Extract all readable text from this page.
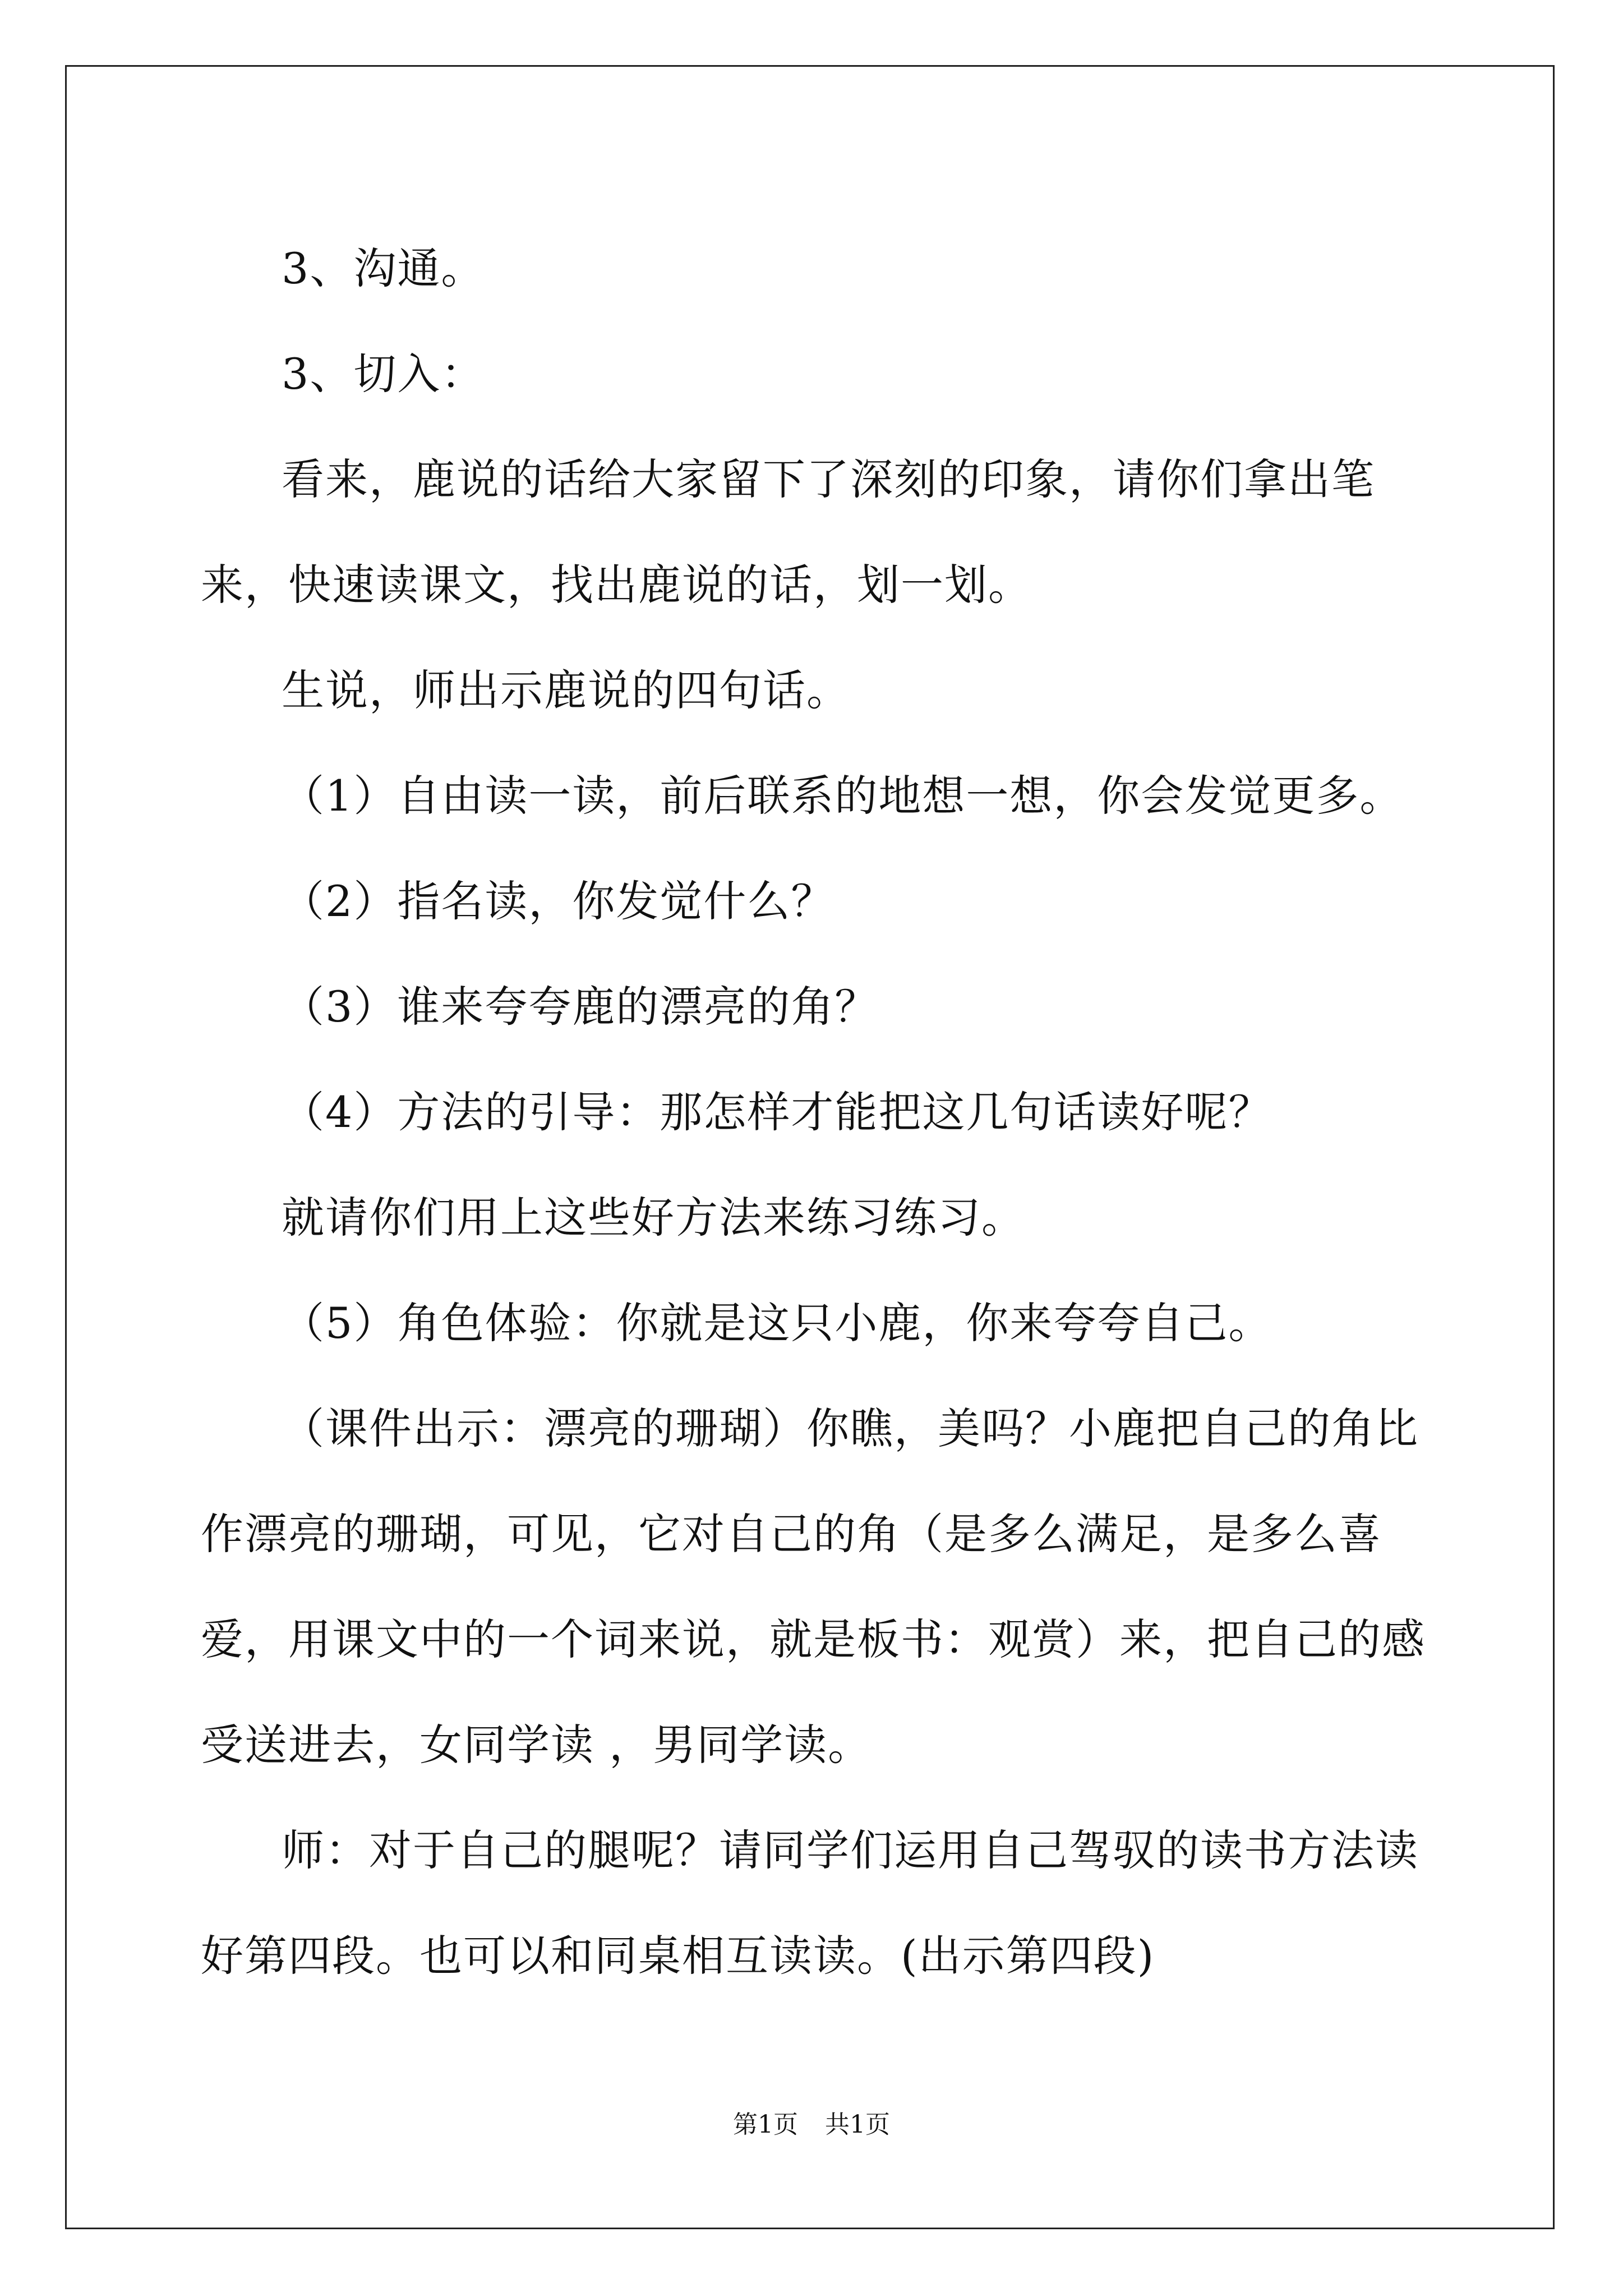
3、沟通。

3、切入：

看来，鹿说的话给大家留下了深刻的印象，请你们拿出笔来，快速读课文，找出鹿说的话，划一划。

生说，师出示鹿说的四句话。

（1）自由读一读，前后联系的地想一想，你会发觉更多。

（2）指名读，你发觉什么？

（3）谁来夸夸鹿的漂亮的角？

（4）方法的引导：那怎样才能把这几句话读好呢？

就请你们用上这些好方法来练习练习。

（5）角色体验：你就是这只小鹿，你来夸夸自己。

（课件出示：漂亮的珊瑚）你瞧，美吗？小鹿把自己的角比作漂亮的珊瑚，可见，它对自己的角（是多么满足，是多么喜爱，用课文中的一个词来说，就是板书：观赏）来，把自己的感受送进去，女同学读 ，男同学读。

师：对于自己的腿呢？请同学们运用自己驾驭的读书方法读好第四段。也可以和同桌相互读读。(出示第四段)

第1页 共1页
